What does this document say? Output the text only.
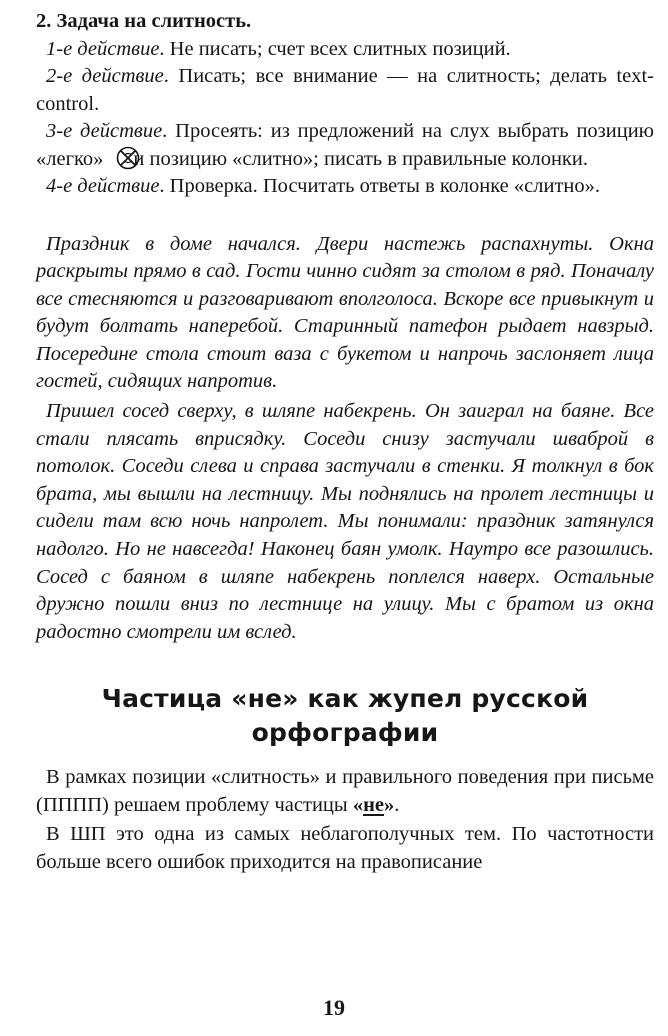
2. Задача на слитность.

1-е действие. Не писать; счет всех слитных позиций.

2-е действие. Писать; все внимание — на слитность; делать text-control.

3-е действие. Просеять: из предложений на слух выбрать позицию «легко» и позицию «слитно»; писать в правильные колонки.

4-е действие. Проверка. Посчитать ответы в колонке «слитно».

Праздник в доме начался. Двери настежь распахнуты. Окна раскрыты прямо в сад. Гости чинно сидят за столом в ряд. Поначалу все стесняются и разговаривают вполголоса. Вскоре все привыкнут и будут болтать наперебой. Старинный патефон рыдает навзрыд. Посередине стола стоит ваза с букетом и напрочь заслоняет лица гостей, сидящих напротив.

Пришел сосед сверху, в шляпе набекрень. Он заиграл на баяне. Все стали плясать вприсядку. Соседи снизу застучали шваброй в потолок. Соседи слева и справа застучали в стенки. Я толкнул в бок брата, мы вышли на лестницу. Мы поднялись на пролет лестницы и сидели там всю ночь напролет. Мы понимали: праздник затянулся надолго. Но не навсегда! Наконец баян умолк. Наутро все разошлись. Сосед с баяном в шляпе набекрень поплелся наверх. Остальные дружно пошли вниз по лестнице на улицу. Мы с братом из окна радостно смотрели им вслед.

Частица «не» как жупел русской
орфографии

В рамках позиции «слитность» и правильного поведения при письме (ПППП) решаем проблему частицы «не».

В ШП это одна из самых неблагополучных тем. По частотности больше всего ошибок приходится на правописание

19
